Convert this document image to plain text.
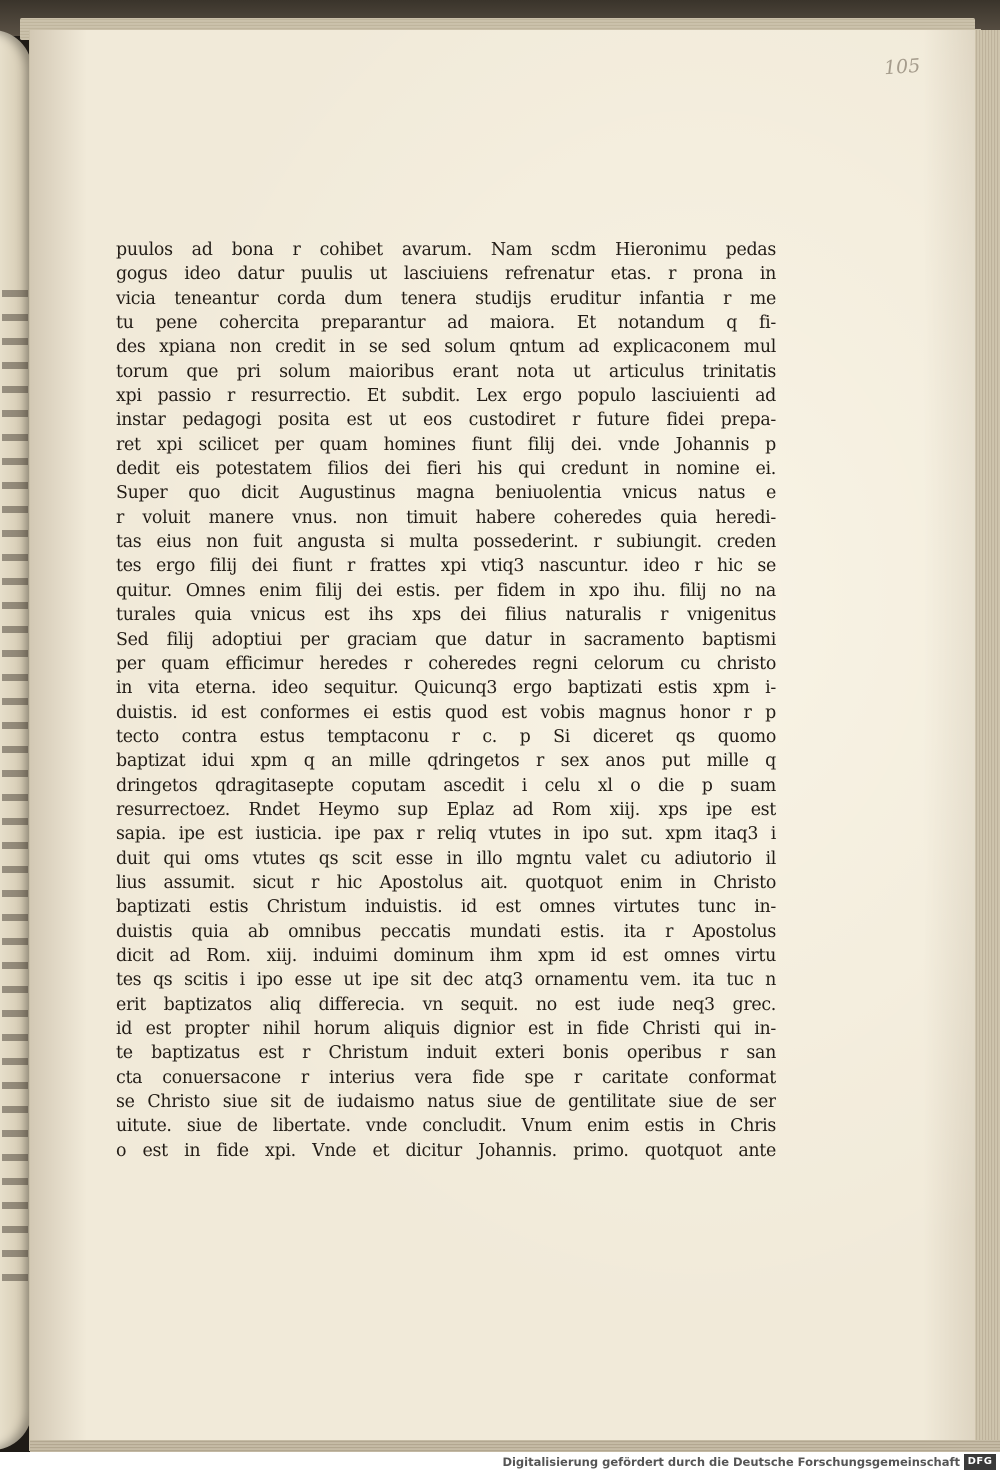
105
puulos ad bona r cohibet avarum. Nam scdm Hieronimu pedas
gogus ideo datur puulis ut lasciuiens refrenatur etas. r prona in
vicia teneantur corda dum tenera studijs eruditur infantia r me
tu pene cohercita preparantur ad maiora. Et notandum q fi-
des xpiana non credit in se sed solum qntum ad explicaconem mul
torum que pri solum maioribus erant nota ut articulus trinitatis
xpi passio r resurrectio. Et subdit. Lex ergo populo lasciuienti ad
instar pedagogi posita est ut eos custodiret r future fidei prepa-
ret xpi scilicet per quam homines fiunt filij dei. vnde Johannis p
dedit eis potestatem filios dei fieri his qui credunt in nomine ei.
Super quo dicit Augustinus magna beniuolentia vnicus natus e
r voluit manere vnus. non timuit habere coheredes quia heredi-
tas eius non fuit angusta si multa possederint. r subiungit. creden
tes ergo filij dei fiunt r frattes xpi vtiq3 nascuntur. ideo r hic se
quitur. Omnes enim filij dei estis. per fidem in xpo ihu. filij no na
turales quia vnicus est ihs xps dei filius naturalis r vnigenitus
Sed filij adoptiui per graciam que datur in sacramento baptismi
per quam efficimur heredes r coheredes regni celorum cu christo
in vita eterna. ideo sequitur. Quicunq3 ergo baptizati estis xpm i-
duistis. id est conformes ei estis quod est vobis magnus honor r p
tecto contra estus temptaconu r c. p Si diceret qs quomo
baptizat idui xpm q an mille qdringetos r sex anos put mille q
dringetos qdragitasepte coputam ascedit i celu xl o die p suam
resurrectoez. Rndet Heymo sup Eplaz ad Rom xiij. xps ipe est
sapia. ipe est iusticia. ipe pax r reliq vtutes in ipo sut. xpm itaq3 i
duit qui oms vtutes qs scit esse in illo mgntu valet cu adiutorio il
lius assumit. sicut r hic Apostolus ait. quotquot enim in Christo
baptizati estis Christum induistis. id est omnes virtutes tunc in-
duistis quia ab omnibus peccatis mundati estis. ita r Apostolus
dicit ad Rom. xiij. induimi dominum ihm xpm id est omnes virtu
tes qs scitis i ipo esse ut ipe sit dec atq3 ornamentu vem. ita tuc n
erit baptizatos aliq differecia. vn sequit. no est iude neq3 grec.
id est propter nihil horum aliquis dignior est in fide Christi qui in-
te baptizatus est r Christum induit exteri bonis operibus r san
cta conuersacone r interius vera fide spe r caritate conformat
se Christo siue sit de iudaismo natus siue de gentilitate siue de ser
uitute. siue de libertate. vnde concludit. Vnum enim estis in Chris
o est in fide xpi. Vnde et dicitur Johannis. primo. quotquot ante
Digitalisierung gefördert durch die Deutsche Forschungsgemeinschaft DFG
